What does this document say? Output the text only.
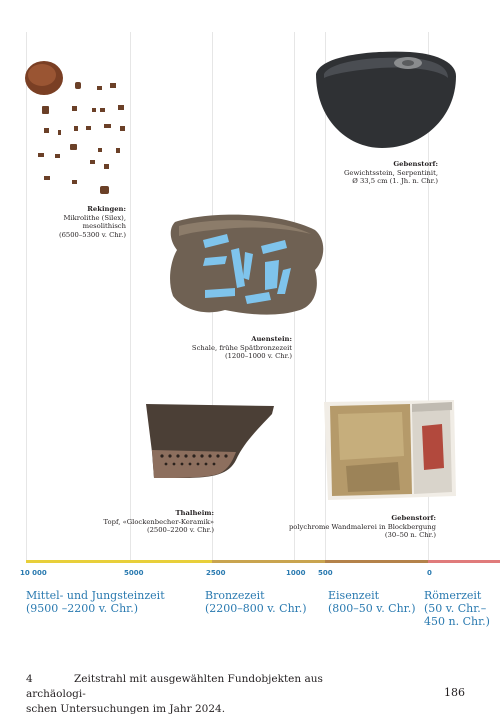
Rekingen:
Mikrolithe (Silex), mesolithisch
(6500–5300 v. Chr.)
Gebenstorf:
Gewichtsstein, Serpentinit,
Ø 33,5 cm (1. Jh. n. Chr.)
Auenstein:
Schale, frühe Spätbronzezeit
(1200–1000 v. Chr.)
Thalheim:
Topf, «Glockenbecher-Keramik»
(2500–2200 v. Chr.)
Gebenstorf:
polychrome Wandmalerei in Blockbergung
(30–50 n. Chr.)
10 000	5000	2500	1000 500	0
Mittel- und Jungsteinzeit
(9500 –2200 v. Chr.)
Bronzezeit
(2200–800 v. Chr.)
Eisenzeit
(800–50 v. Chr.)
Römerzeit
(50 v. Chr.–
450 n. Chr.)
4	Zeitstrahl mit ausgewählten Fundobjekten aus archäologi-
schen Untersuchungen im Jahr 2024.
186
